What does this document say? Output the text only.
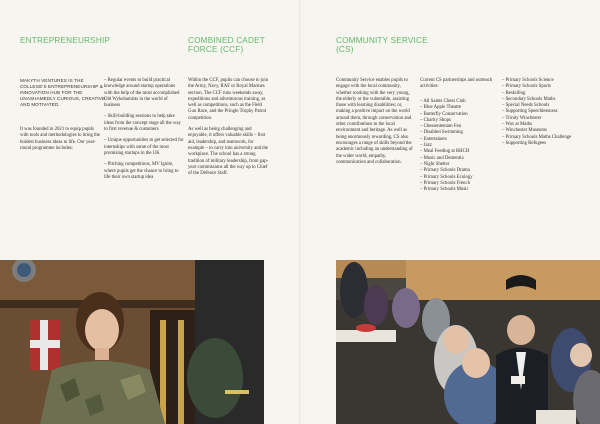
ENTREPRENEURSHIP	COMBINED CADET FORCE (CCF)
MAKYTH VENTURES IS THE COLLEGE’S ENTREPRENEURSHIP & INNOVATION HUB FOR THE UNASHAMEDLY CURIOUS, CREATIVE AND MOTIVATED.
It was founded in 2021 to equip pupils with tools and methodologies to bring the boldest business ideas to life. Our year-round programme includes:
– Regular events to build practical knowledge around startup operations with the help of the most accomplished Old Wykehamists in the world of business
– Skill-building sessions to help take ideas from the concept stage all the way to first revenue & customers
– Unique opportunities to get selected for internships with some of the most promising startups in the UK
– Pitching competitions, MV Ignite, where pupils get the chance to bring to life their own startup idea

Within the CCF, pupils can choose to join the Army, Navy, RAF or Royal Marines section. The CCF runs weekends away, expeditions and adventurous training, as well as competitions, such as the Field Gun Race, and the Pringle Trophy Patrol competition.

As well as being challenging and enjoyable, it offers valuable skills – first aid, leadership, and teamwork, for example – to carry into university and the workplace. The school has a strong tradition of military leadership, from gap-year commissions all the way up to Chief of the Defence Staff.

COMMUNITY SERVICE (CS)
Community Service enables pupils to engage with the local community, whether working with the very young, the elderly or the vulnerable, assisting those with learning disabilities; or, making a positive impact on the world around them, through conservation and other contributions to the local environment and heritage. As well as being enormously rewarding, CS also encourages a range of skills beyond the academic including an understanding of the wider world, empathy, communication and collaboration.
Current CS partnerships and outreach activities:
– All Saints Chess Club
– Blue Apple Theatre
– Butterfly Conservation
– Charity Shops
– Chessententam Fen
– Disabled Swimming
– Entertainers
– Jazz
– Meal Feeding at RHCH
– Music and Dementia
– Night Shelter
– Primary Schools Drama
– Primary Schools Ecology
– Primary Schools French
– Primary Schools Music
– Primary Schools Science
– Primary Schools Sports
– Reskilling
– Secondary Schools Maths
– Special Needs Schools
– Supporting Speechlessness
– Trinity Winchester
– Wax at Maths
– Winchester Museums
– Primary Schools Maths Challenge
– Supporting Refugees
